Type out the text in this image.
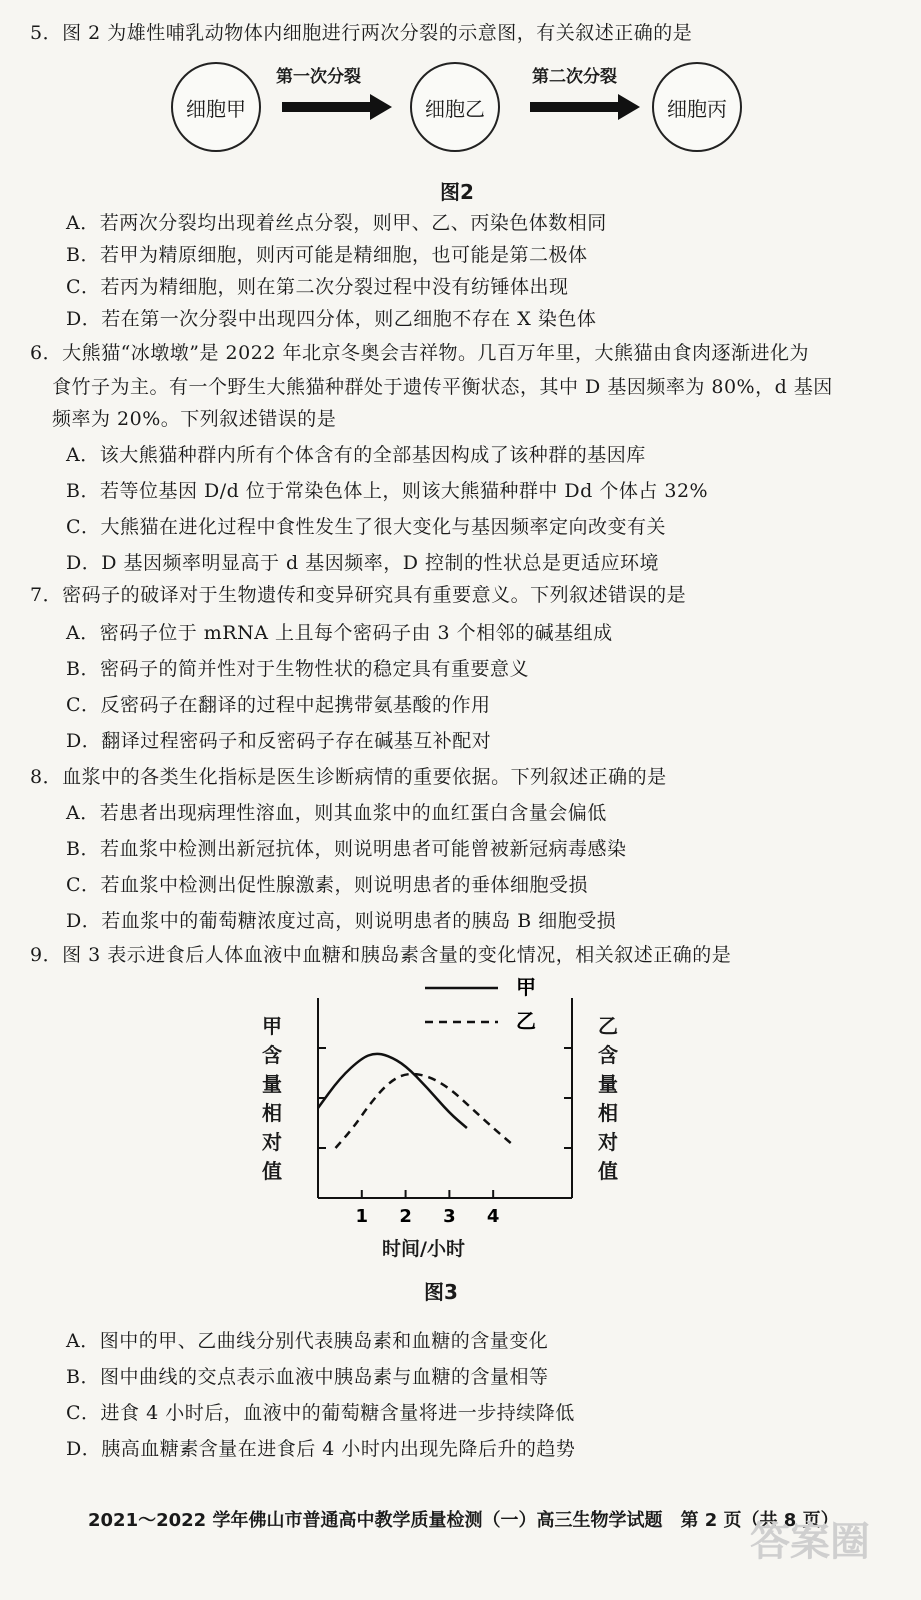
5．图 2 为雄性哺乳动物体内细胞进行两次分裂的示意图，有关叙述正确的是
细胞甲
第一次分裂
细胞乙
第二次分裂
细胞丙
图2
A．若两次分裂均出现着丝点分裂，则甲、乙、丙染色体数相同
B．若甲为精原细胞，则丙可能是精细胞，也可能是第二极体
C．若丙为精细胞，则在第二次分裂过程中没有纺锤体出现
D．若在第一次分裂中出现四分体，则乙细胞不存在 X 染色体
6．大熊猫“冰墩墩”是 2022 年北京冬奥会吉祥物。几百万年里，大熊猫由食肉逐渐进化为
食竹子为主。有一个野生大熊猫种群处于遗传平衡状态，其中 D 基因频率为 80%，d 基因
频率为 20%。下列叙述错误的是
A．该大熊猫种群内所有个体含有的全部基因构成了该种群的基因库
B．若等位基因 D/d 位于常染色体上，则该大熊猫种群中 Dd 个体占 32%
C．大熊猫在进化过程中食性发生了很大变化与基因频率定向改变有关
D．D 基因频率明显高于 d 基因频率，D 控制的性状总是更适应环境
7．密码子的破译对于生物遗传和变异研究具有重要意义。下列叙述错误的是
A．密码子位于 mRNA 上且每个密码子由 3 个相邻的碱基组成
B．密码子的简并性对于生物性状的稳定具有重要意义
C．反密码子在翻译的过程中起携带氨基酸的作用
D．翻译过程密码子和反密码子存在碱基互补配对
8．血浆中的各类生化指标是医生诊断病情的重要依据。下列叙述正确的是
A．若患者出现病理性溶血，则其血浆中的血红蛋白含量会偏低
B．若血浆中检测出新冠抗体，则说明患者可能曾被新冠病毒感染
C．若血浆中检测出促性腺激素，则说明患者的垂体细胞受损
D．若血浆中的葡萄糖浓度过高，则说明患者的胰岛 B 细胞受损
9．图 3 表示进食后人体血液中血糖和胰岛素含量的变化情况，相关叙述正确的是
1 2 3 4
甲
乙
甲
含
量
相
对
值
乙
含
量
相
对
值
时间/小时
图3
A．图中的甲、乙曲线分别代表胰岛素和血糖的含量变化
B．图中曲线的交点表示血液中胰岛素与血糖的含量相等
C．进食 4 小时后，血液中的葡萄糖含量将进一步持续降低
D．胰高血糖素含量在进食后 4 小时内出现先降后升的趋势
2021～2022 学年佛山市普通高中教学质量检测（一）高三生物学试题　第 2 页（共 8 页）
答案圈
